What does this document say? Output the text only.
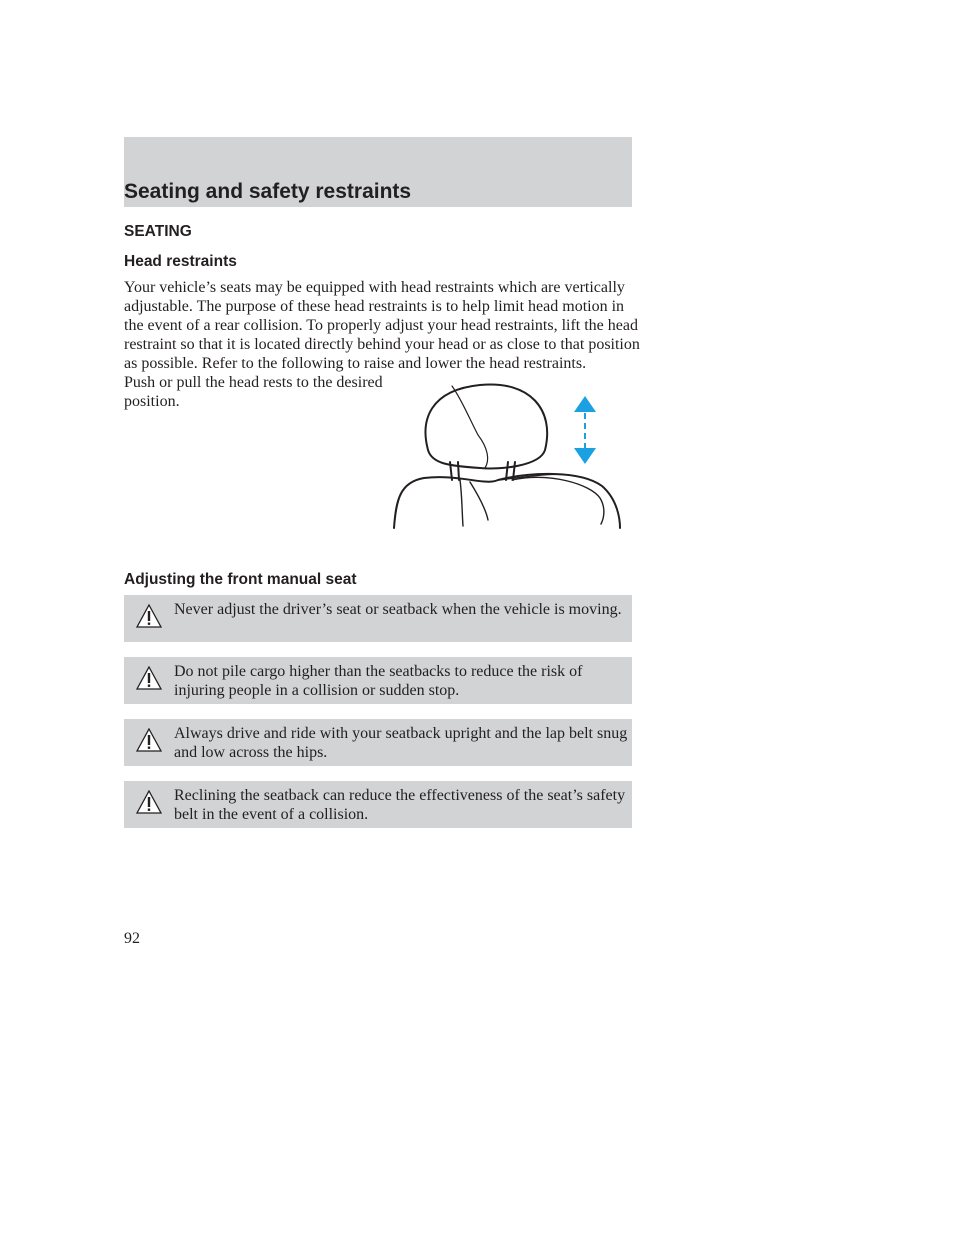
Seating and safety restraints
SEATING
Head restraints
Your vehicle’s seats may be equipped with head restraints which are vertically adjustable. The purpose of these head restraints is to help limit head motion in the event of a rear collision. To properly adjust your head restraints, lift the head restraint so that it is located directly behind your head or as close to that position as possible. Refer to the following to raise and lower the head restraints.
Push or pull the head rests to the desired position.
Adjusting the front manual seat
Never adjust the driver’s seat or seatback when the vehicle is moving.
Do not pile cargo higher than the seatbacks to reduce the risk of injuring people in a collision or sudden stop.
Always drive and ride with your seatback upright and the lap belt snug and low across the hips.
Reclining the seatback can reduce the effectiveness of the seat’s safety belt in the event of a collision.
92
